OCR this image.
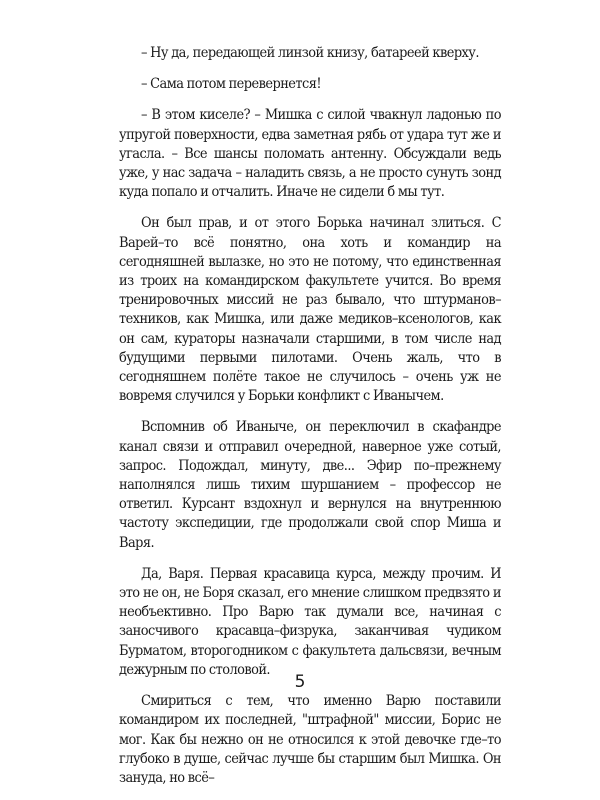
– Ну да, передающей линзой книзу, батареей кверху.

– Сама потом перевернется!

– В этом киселе? – Мишка с силой чвакнул ладонью по упругой поверхности, едва заметная рябь от удара тут же и угасла. – Все шансы поломать антенну. Обсуждали ведь уже, у нас задача – наладить связь, а не просто сунуть зонд куда попало и отчалить. Иначе не сидели б мы тут.

Он был прав, и от этого Борька начинал злиться. С Варей–то всё понятно, она хоть и командир на сегодняшней вылазке, но это не потому, что единственная из троих на командирском факультете учится. Во время тренировочных миссий не раз бывало, что штурманов–техников, как Мишка, или даже медиков–ксенологов, как он сам, кураторы назначали старшими, в том числе над будущими первыми пилотами. Очень жаль, что в сегодняшнем полёте такое не случилось – очень уж не вовремя случился у Борьки конфликт с Иванычем.

Вспомнив об Иваныче, он переключил в скафандре канал связи и отправил очередной, наверное уже сотый, запрос. Подождал, минуту, две... Эфир по–прежнему наполнялся лишь тихим шуршанием – профессор не ответил. Курсант вздохнул и вернулся на внутреннюю частоту экспедиции, где продолжали свой спор Миша и Варя.

Да, Варя. Первая красавица курса, между прочим. И это не он, не Боря сказал, его мнение слишком предвзято и необъективно. Про Варю так думали все, начиная с заносчивого красавца–физрука, заканчивая чудиком Бурматом, второгодником с факультета дальсвязи, вечным дежурным по столовой.

Смириться с тем, что именно Варю поставили командиром их последней, "штрафной" миссии, Борис не мог. Как бы нежно он не относился к этой девочке где–то глубоко в душе, сейчас лучше бы старшим был Мишка. Он зануда, но всё–

5
